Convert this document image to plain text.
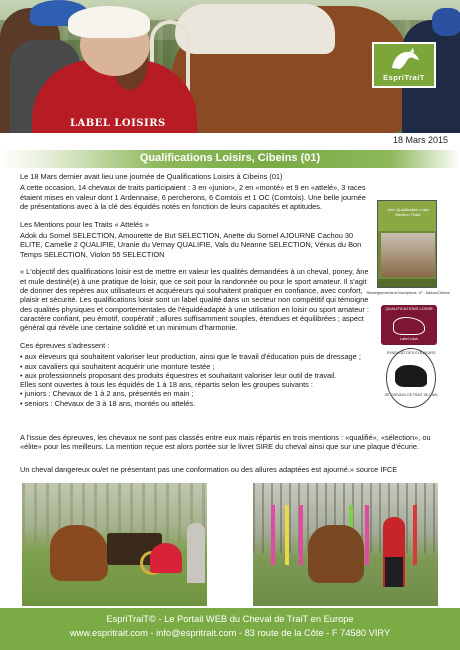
LABEL LOISIRS
EspriTraiT
18 Mars 2015
Qualifications Loisirs, Cibeins (01)

Le 18 Mars dernier avait lieu une journée de Qualifications Loisirs à Cibeins (01)

A cette occasion, 14 chevaux de traits participaient : 3 en «junior», 2 en «monté» et 9 en «attelé», 3 races étaient mises en valeur dont 1 Ardennaise, 6 percherons, 6 Comtois et 1 OC (Comtois). Une belle journée de présentations avec à la clé des équidés notés en fonction de leurs capacités et aptitudes.

Les Mentions pour les Traits « Attelés »

Adok du Sornel SELECTION, Amourette de But SELECTION, Anette du Sornel AJOURNE Cachou 30 ELITE, Camelie 2 QUALIFIE, Uranie du Vernay QUALIFIE, Vals du Neanne SELECTION, Vénus du Bon Temps SELECTION, Violon 55 SELECTION

« L'objectif des qualifications loisir est de mettre en valeur les qualités demandées à un cheval, poney, âne et mule destiné(e) à une pratique de loisir, que ce soit pour la randonnée ou pour le sport amateur. Il s'agit de donner des repères aux utilisateurs et acquéreurs qui souhaitent pratiquer en confiance, avec confort, plaisir et sécurité. Les qualifications loisir sont un label qualité dans un secteur non compétitif qui témoigne des qualités physiques et comportementales de l'équidéadapté à une utilisation en loisir ou sport amateur : caractère confiant, peu émotif, coopératif ; allures suffisamment souples, étendues et équilibrées ; aspect général qui révèle une certaine solidité et un minimum d'harmonie.

Ces épreuves s'adressent :

• aux éleveurs qui souhaitent valoriser leur production, ainsi que le travail d'éducation puis de dressage ;
• aux cavaliers qui souhaitent acquérir une monture testée ;
• aux professionnels proposant des produits équestres et souhaitant valoriser leur outil de travail.
Elles sont ouvertes à tous les équidés de 1 à 18 ans, répartis selon les groupes suivants :
• juniors : Chevaux de 1 à 2 ans, présentés en main ;
• seniors : Chevaux de 3 à 18 ans, montés ou attelés.
A l'issue des épreuves, les chevaux ne sont pas classés entre eux mais répartis en trois mentions : «qualifié», «sélection», ou «élite» pour les meilleurs. La mention reçue est alors portée sur le livret SIRE du cheval ainsi que sur une plaque d'écurie.
Un cheval dangereux ou/et ne présentant pas une conformation ou des allures adaptées est ajourné.» source IFCE
1ère Qualification Loisir Mention Traits
Renseignements et inscriptions : IF - Mâcon/Cibeins
QUALIFICATIONS LOISIR
Label Loisir
SYNDICAT DES ELEVEURS
DE CHEVAUX DE TRAIT DE L'AIN
EspriTraiT© - Le Portail WEB du Cheval de TraiT en Europe
www.espritrait.com - info@espritrait.com - 83 route de la Côte - F 74580 VIRY
